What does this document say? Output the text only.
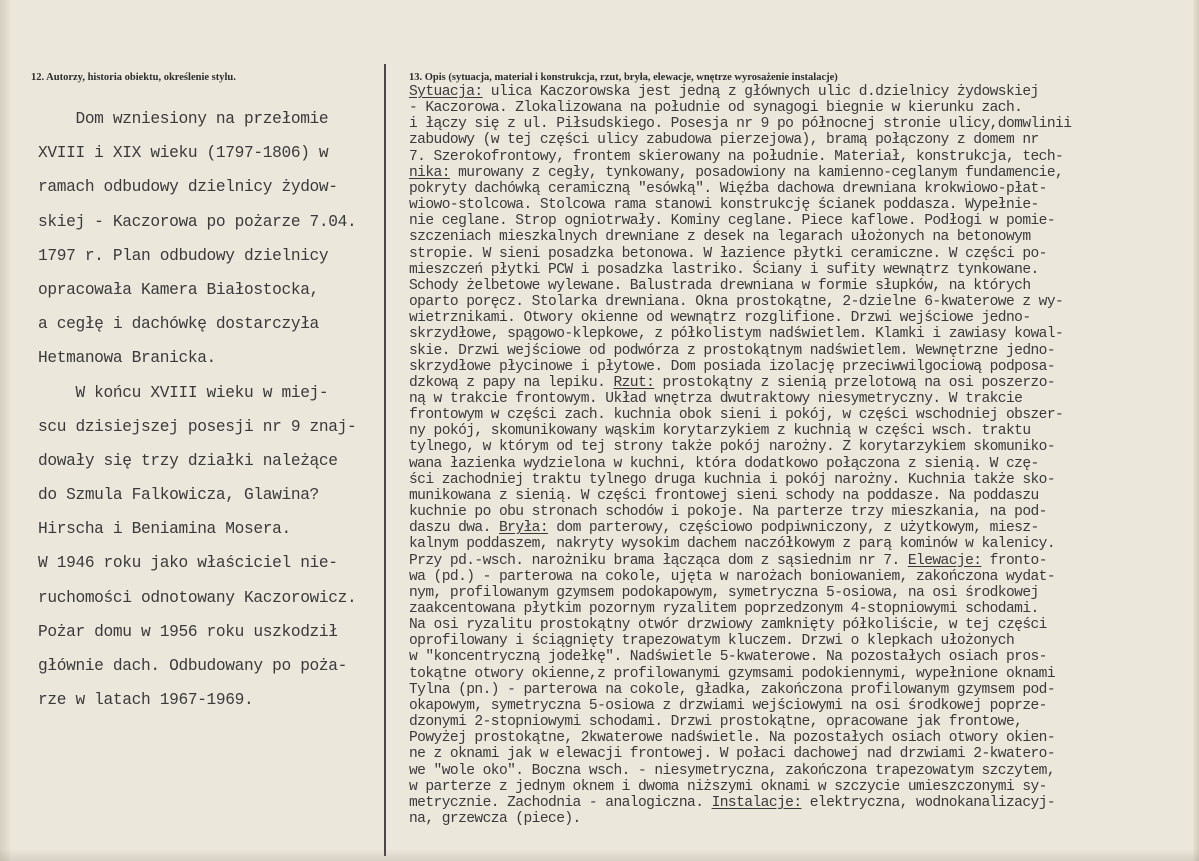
12. Autorzy, historia obiektu, określenie stylu.	13. Opis (sytuacja, materiał i konstrukcja, rzut, bryła, elewacje, wnętrze wyrosażenie instalacje)
Dom wzniesiony na przełomie
XVIII i XIX wieku (1797-1806) w
ramach odbudowy dzielnicy żydow-
skiej - Kaczorowa po pożarze 7.04.
1797 r. Plan odbudowy dzielnicy
opracowała Kamera Białostocka,
a cegłę i dachówkę dostarczyła
Hetmanowa Branicka.
W końcu XVIII wieku w miej-
scu dzisiejszej posesji nr 9 znaj-
dowały się trzy działki należące
do Szmula Falkowicza, Glawina?
Hirscha i Beniamina Mosera.
W 1946 roku jako właściciel nie-
ruchomości odnotowany Kaczorowicz.
Pożar domu w 1956 roku uszkodził
głównie dach. Odbudowany po poża-
rze w latach 1967-1969.
Sytuacja: ulica Kaczorowska jest jedną z głównych ulic d.dzielnicy żydowskiej
- Kaczorowa. Zlokalizowana na południe od synagogi biegnie w kierunku zach.
i łączy się z ul. Piłsudskiego. Posesja nr 9 po północnej stronie ulicy,domwlinii
zabudowy (w tej części ulicy zabudowa pierzejowa), bramą połączony z domem nr
7. Szerokofrontowy, frontem skierowany na południe. Materiał, konstrukcja, tech-
nika: murowany z cegły, tynkowany, posadowiony na kamienno-ceglanym fundamencie,
pokryty dachówką ceramiczną "esówką". Więźba dachowa drewniana krokwiowo-płat-
wiowo-stolcowa. Stolcowa rama stanowi konstrukcję ścianek poddasza. Wypełnie-
nie ceglane. Strop ogniotrwały. Kominy ceglane. Piece kaflowe. Podłogi w pomie-
szczeniach mieszkalnych drewniane z desek na legarach ułożonych na betonowym
stropie. W sieni posadzka betonowa. W łazience płytki ceramiczne. W części po-
mieszczeń płytki PCW i posadzka lastriko. Ściany i sufity wewnątrz tynkowane.
Schody żelbetowe wylewane. Balustrada drewniana w formie słupków, na których
oparto poręcz. Stolarka drewniana. Okna prostokątne, 2-dzielne 6-kwaterowe z wy-
wietrznikami. Otwory okienne od wewnątrz rozglifione. Drzwi wejściowe jedno-
skrzydłowe, spągowo-klepkowe, z półkolistym nadświetlem. Klamki i zawiasy kowal-
skie. Drzwi wejściowe od podwórza z prostokątnym nadświetlem. Wewnętrzne jedno-
skrzydłowe płycinowe i płytowe. Dom posiada izolację przeciwwilgociową podposa-
dzkową z papy na lepiku. Rzut: prostokątny z sienią przelotową na osi poszerzo-
ną w trakcie frontowym. Układ wnętrza dwutraktowy niesymetryczny. W trakcie
frontowym w części zach. kuchnia obok sieni i pokój, w części wschodniej obszer-
ny pokój, skomunikowany wąskim korytarzykiem z kuchnią w części wsch. traktu
tylnego, w którym od tej strony także pokój narożny. Z korytarzykiem skomuniko-
wana łazienka wydzielona w kuchni, która dodatkowo połączona z sienią. W czę-
ści zachodniej traktu tylnego druga kuchnia i pokój narożny. Kuchnia także sko-
munikowana z sienią. W części frontowej sieni schody na poddasze. Na poddaszu
kuchnie po obu stronach schodów i pokoje. Na parterze trzy mieszkania, na pod-
daszu dwa. Bryła: dom parterowy, częściowo podpiwniczony, z użytkowym, miesz-
kalnym poddaszem, nakryty wysokim dachem naczółkowym z parą kominów w kalenicy.
Przy pd.-wsch. narożniku brama łącząca dom z sąsiednim nr 7. Elewacje: fronto-
wa (pd.) - parterowa na cokole, ujęta w narożach boniowaniem, zakończona wydat-
nym, profilowanym gzymsem podokapowym, symetryczna 5-osiowa, na osi środkowej
zaakcentowana płytkim pozornym ryzalitem poprzedzonym 4-stopniowymi schodami.
Na osi ryzalitu prostokątny otwór drzwiowy zamknięty półkoliście, w tej części
oprofilowany i ściągnięty trapezowatym kluczem. Drzwi o klepkach ułożonych
w "koncentryczną jodełkę". Nadświetle 5-kwaterowe. Na pozostałych osiach pros-
tokątne otwory okienne,z profilowanymi gzymsami podokiennymi, wypełnione oknami
Tylna (pn.) - parterowa na cokole, gładka, zakończona profilowanym gzymsem pod-
okapowym, symetryczna 5-osiowa z drzwiami wejściowymi na osi środkowej poprze-
dzonymi 2-stopniowymi schodami. Drzwi prostokątne, opracowane jak frontowe,
Powyżej prostokątne, 2kwaterowe nadświetle. Na pozostałych osiach otwory okien-
ne z oknami jak w elewacji frontowej. W połaci dachowej nad drzwiami 2-kwatero-
we "wole oko". Boczna wsch. - niesymetryczna, zakończona trapezowatym szczytem,
w parterze z jednym oknem i dwoma niższymi oknami w szczycie umieszczonymi sy-
metrycznie. Zachodnia - analogiczna. Instalacje: elektryczna, wodnokanalizacyj-
na, grzewcza (piece).
